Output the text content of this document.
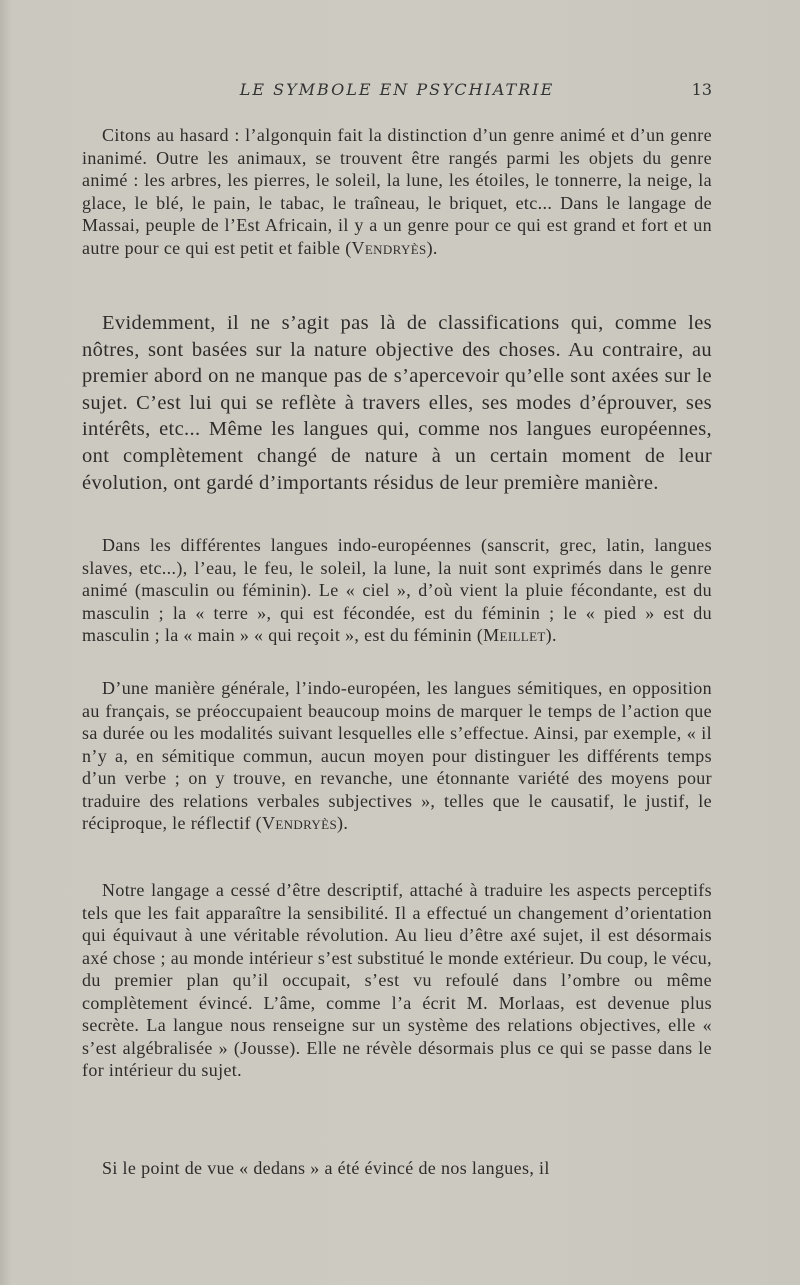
LE SYMBOLE EN PSYCHIATRIE	13

Citons au hasard : l’algonquin fait la distinction d’un genre animé et d’un genre inanimé. Outre les animaux, se trouvent être rangés parmi les objets du genre animé : les arbres, les pierres, le soleil, la lune, les étoiles, le tonnerre, la neige, la glace, le blé, le pain, le tabac, le traîneau, le briquet, etc... Dans le langage de Massai, peuple de l’Est Africain, il y a un genre pour ce qui est grand et fort et un autre pour ce qui est petit et faible (Vendryès).

Evidemment, il ne s’agit pas là de classifications qui, comme les nôtres, sont basées sur la nature objective des choses. Au contraire, au premier abord on ne manque pas de s’apercevoir qu’elle sont axées sur le sujet. C’est lui qui se reflète à travers elles, ses modes d’éprouver, ses intérêts, etc... Même les langues qui, comme nos langues européennes, ont complètement changé de nature à un certain moment de leur évolution, ont gardé d’importants résidus de leur première manière.

Dans les différentes langues indo-européennes (sanscrit, grec, latin, langues slaves, etc...), l’eau, le feu, le soleil, la lune, la nuit sont exprimés dans le genre animé (masculin ou féminin). Le « ciel », d’où vient la pluie fécondante, est du masculin ; la « terre », qui est fécondée, est du féminin ; le « pied » est du masculin ; la « main » « qui reçoit », est du féminin (Meillet).

D’une manière générale, l’indo-européen, les langues sémitiques, en opposition au français, se préoccupaient beaucoup moins de marquer le temps de l’action que sa durée ou les modalités suivant lesquelles elle s’effectue. Ainsi, par exemple, « il n’y a, en sémitique commun, aucun moyen pour distinguer les différents temps d’un verbe ; on y trouve, en revanche, une étonnante variété des moyens pour traduire des relations verbales subjectives », telles que le causatif, le justif, le réciproque, le réflectif (Vendryès).

Notre langage a cessé d’être descriptif, attaché à traduire les aspects perceptifs tels que les fait apparaître la sensibilité. Il a effectué un changement d’orientation qui équivaut à une véritable révolution. Au lieu d’être axé sujet, il est désormais axé chose ; au monde intérieur s’est substitué le monde extérieur. Du coup, le vécu, du premier plan qu’il occupait, s’est vu refoulé dans l’ombre ou même complètement évincé. L’âme, comme l’a écrit M. Morlaas, est devenue plus secrète. La langue nous renseigne sur un système des relations objectives, elle « s’est algébralisée » (Jousse). Elle ne révèle désormais plus ce qui se passe dans le for intérieur du sujet.

Si le point de vue « dedans » a été évincé de nos langues, il
